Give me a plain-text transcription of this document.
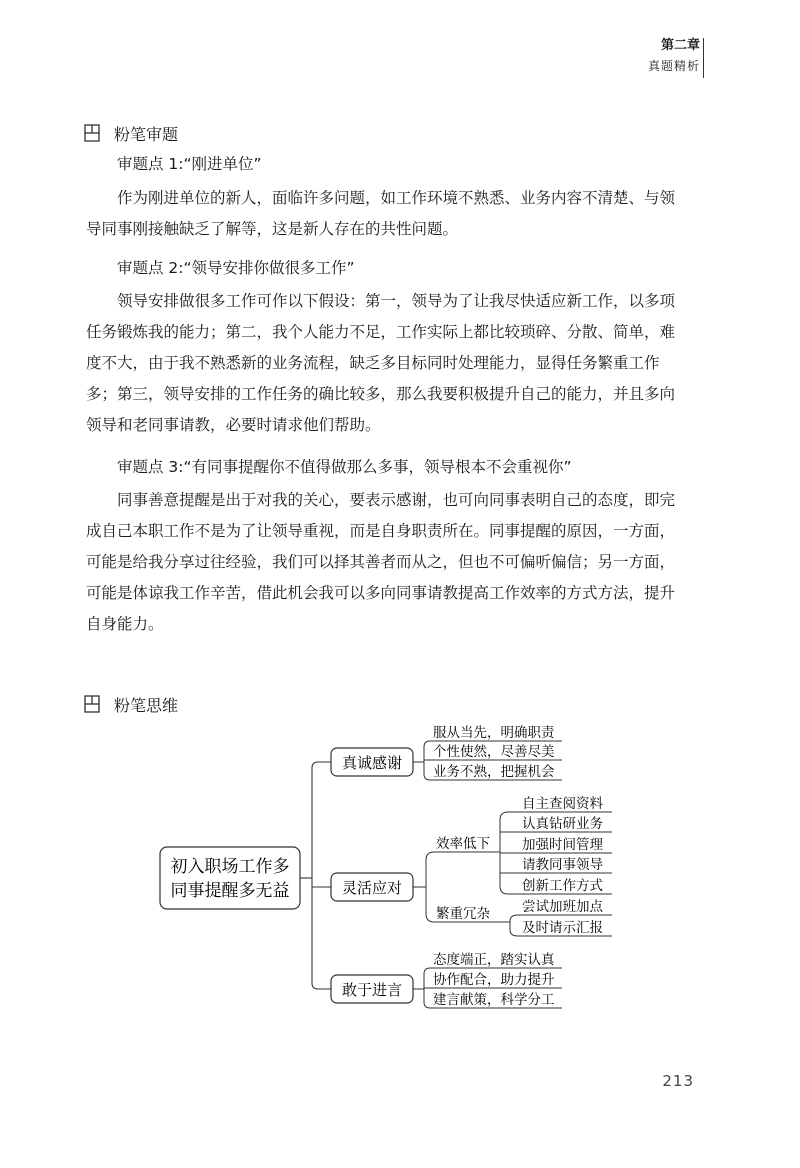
第二章
真题精析
粉笔审题

审题点 1:“刚进单位”

作为刚进单位的新人，面临许多问题，如工作环境不熟悉、业务内容不清楚、与领导同事刚接触缺乏了解等，这是新人存在的共性问题。

审题点 2:“领导安排你做很多工作”

领导安排做很多工作可作以下假设：第一，领导为了让我尽快适应新工作，以多项任务锻炼我的能力；第二，我个人能力不足，工作实际上都比较琐碎、分散、简单，难度不大，由于我不熟悉新的业务流程，缺乏多目标同时处理能力，显得任务繁重工作多；第三，领导安排的工作任务的确比较多，那么我要积极提升自己的能力，并且多向领导和老同事请教，必要时请求他们帮助。

审题点 3:“有同事提醒你不值得做那么多事，领导根本不会重视你”

同事善意提醒是出于对我的关心，要表示感谢，也可向同事表明自己的态度，即完成自己本职工作不是为了让领导重视，而是自身职责所在。同事提醒的原因，一方面，可能是给我分享过往经验，我们可以择其善者而从之，但也不可偏听偏信；另一方面，可能是体谅我工作辛苦，借此机会我可以多向同事请教提高工作效率的方式方法，提升自身能力。

粉笔思维
初入职场工作多
同事提醒多无益
真诚感谢
灵活应对
敢于进言
服从当先，明确职责
个性使然，尽善尽美
业务不熟，把握机会
效率低下
繁重冗杂
自主查阅资料
认真钻研业务
加强时间管理
请教同事领导
创新工作方式
尝试加班加点
及时请示汇报
态度端正，踏实认真
协作配合，助力提升
建言献策，科学分工
213
